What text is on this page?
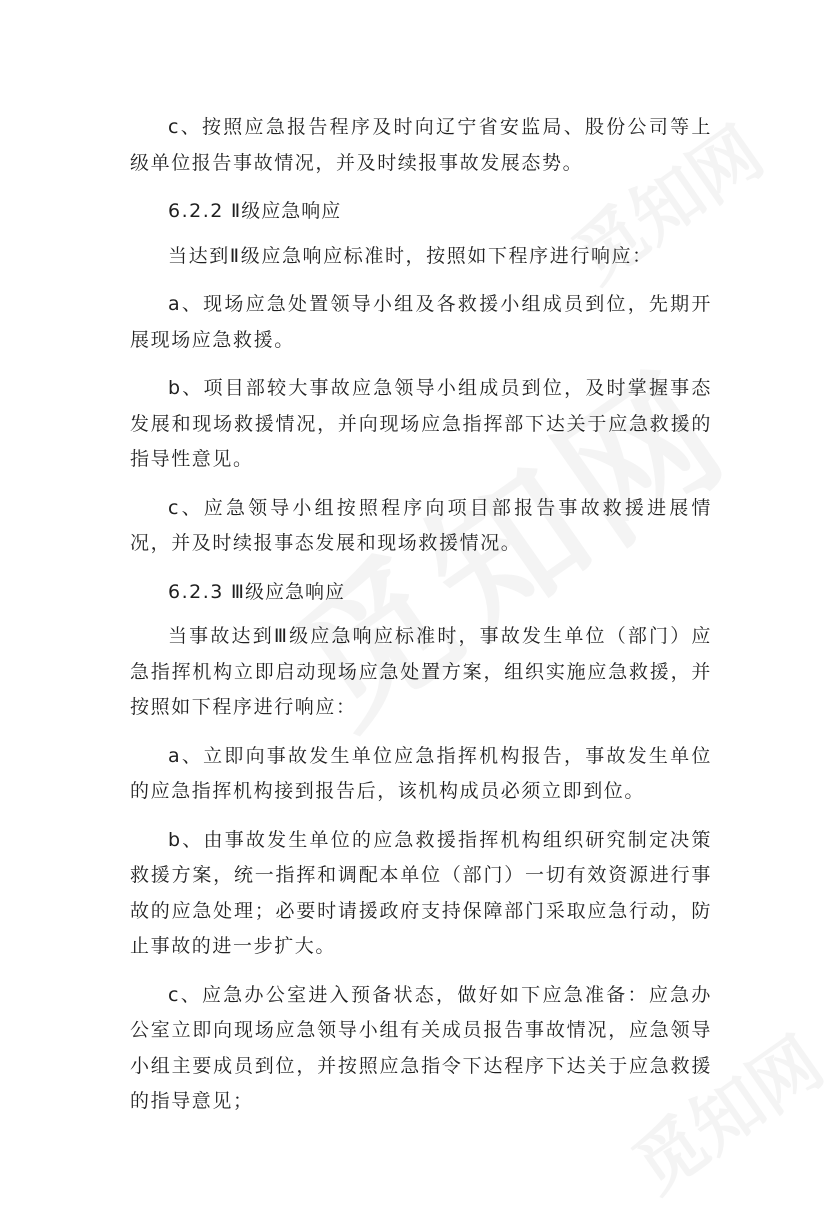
c、按照应急报告程序及时向辽宁省安监局、股份公司等上级单位报告事故情况，并及时续报事故发展态势。

6.2.2 Ⅱ级应急响应

当达到Ⅱ级应急响应标准时，按照如下程序进行响应：

a、现场应急处置领导小组及各救援小组成员到位，先期开展现场应急救援。

b、项目部较大事故应急领导小组成员到位，及时掌握事态发展和现场救援情况，并向现场应急指挥部下达关于应急救援的指导性意见。

c、应急领导小组按照程序向项目部报告事故救援进展情况，并及时续报事态发展和现场救援情况。

6.2.3 Ⅲ级应急响应

当事故达到Ⅲ级应急响应标准时，事故发生单位（部门）应急指挥机构立即启动现场应急处置方案，组织实施应急救援，并按照如下程序进行响应：

a、立即向事故发生单位应急指挥机构报告，事故发生单位的应急指挥机构接到报告后，该机构成员必须立即到位。

b、由事故发生单位的应急救援指挥机构组织研究制定决策救援方案，统一指挥和调配本单位（部门）一切有效资源进行事故的应急处理；必要时请援政府支持保障部门采取应急行动，防止事故的进一步扩大。

c、应急办公室进入预备状态，做好如下应急准备：应急办公室立即向现场应急领导小组有关成员报告事故情况，应急领导小组主要成员到位，并按照应急指令下达程序下达关于应急救援的指导意见；
